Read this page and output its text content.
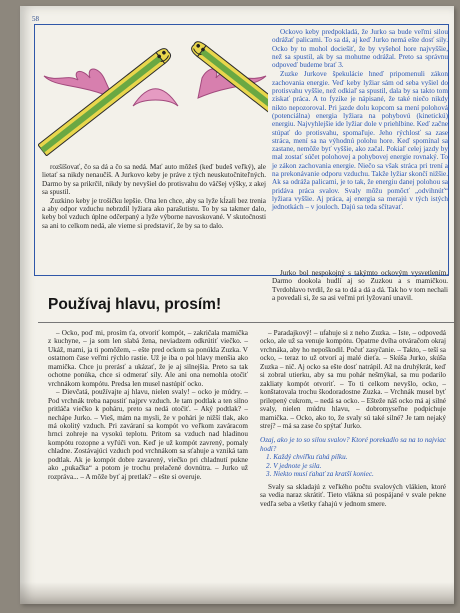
58

Ockovo keby predpokladá, že Jurko sa bude veľmi silou odrážať palicami. To sa dá, aj keď Jurko nemá ešte dosť sily. Ocko by to mohol dociešiť, že by vyšehol hore najvyššie, než sa spustil, ak by sa mohutne odrážal. Preto sa správnu odpoveď budeme brať 3.

Zuzke Jurkove špekulácie hneď pripomenuli zákon zachovania energie. Veď keby lyžiar sám od seba vyšiel do protisvahu vyššie, než odkiaľ sa spustil, dala by sa takto tom získať práca. A to fyzike je nápisané, že také niečo nikdy nikto nepozoroval. Pri jazde dolu kopcom sa mení polohová (potenciálna) energia lyžiara na pohybovú (kinetickú) energiu. Najvyhlejšie ide lyžiar dole v priehlbine. Keď začne stúpať do protisvahu, spomaľuje. Jeho rýchlosť sa zase stráca, mení sa na výhodnú polohu hore. Keď spomínal sa zastane, nemôže byť vyššie, ako začal. Pokiaľ celej jazdy by mal zostať súčet polohovej a pohybovej energie rovnaký. To je zákon zachovania energie. Niečo sa však stráca pri trení a na prekonávanie odporu vzduchu. Takže lyžiar skončí nižšie. Ak sa odráža palicami, je to tak, že energiu danej polohou sa pridáva práca svalov. Svaly môžu pomôcť „odvihnúť“ lyžiara vyššie. Aj práca, aj energia sa merajú v tých istých jednotkách – v jouloch. Dajú sa teda sčítavať.

rozšíšovať, čo sa dá a čo sa nedá. Mať auto môžeš (keď budeš veľký), ale lietať sa nikdy nenaučíš. A Jurkovo keby je práve z tých neuskutočniteľných. Darmo by sa prikrčil, nikdy by nevyšiel do protisvahu do väčšej výšky, z akej sa spustil.

Zuzkino keby je trošičku lepšie. Ona len chce, aby sa lyže kĺzali bez trenia a aby odpor vzduchu nebrzdil lyžiara ako parašutistu. To by sa takmer dalo, keby bol vzduch úplne odčerpaný a lyže výborne navoskované. V skutočnosti sa ani to celkom nedá, ale vieme si predstaviť, že by sa to dalo.

Jurko bol nespokojný s takýmto ockovým vysvetlením. Darmo dookola hudlí aj so Zuzkou a s mamičkou. Tvrdohlavo tvrdil, že sa to dá a dá a dá. Tak ho v tom nechali a povedali si, že sa asi veľmi pri lyžovaní unavil.

Používaj hlavu, prosím!

– Ocko, poď mi, prosím ťa, otvoriť kompót, – zakričala mamička z kuchyne, – ja som len slabá žena, neviadzem odkrútiť viečko. – Ukáž, mami, ja ti pomôžem, – ešte pred ockom sa ponúkla Zuzka. V ostatnom čase veľmi rýchlo rastie. Už je iba o pol hlavy menšia ako mamička. Chce ju prerásť a ukázať, že je aj silnejšia. Preto sa tak ochotne ponúka, chce si odmerať sily. Ale ani ona nemohla otočiť vrchnákom kompótu. Predsa len musel nastúpiť ocko.

– Dievčatá, používajte aj hlavu, nielen svaly! – ocko je múdry. – Pod vrchnák treba napustiť najprv vzduch. Je tam podtlak a ten silno pritláča viečko k poháru, preto sa nedá otočiť. – Aký podtlak? – nechápe Jurko. – Vieš, mám na mysli, že v pohári je nižší tlak, ako má okolitý vzduch. Pri zaváraní sa kompót vo veľkom zaváracom hrnci zohreje na vysokú teplotu. Pritom sa vzduch nad hladinou kompótu rozopne a vyľúči von. Keď je už kompót zavrený, pomaly chladne. Zostávajúci vzduch pod vrchnákom sa sťahuje a vzniká tam podtlak. Ak je kompót dobre zavarený, viečko pri chladnutí pukne ako „pukačka“ a potom je trochu prelačené dovnútra. – Jurko už rozpráva... – A môže byť aj pretlak? – ešte si overuje.

– Paradajkový! – ufahuje si z neho Zuzka. – Iste, – odpovedá ocko, ale už sa venuje kompótu. Opatrne dvíha otváračom okraj vrchnáka, aby ho nepoškodil. Počuť zasyčanie. – Takto, – teší sa ocko, – teraz to už otvorí aj malé dieťa. – Skúša Jurko, skúša Zuzka – nič. Aj ocko sa ešte dosť natrápil. Až na druhýkrát, keď si zobral utierku, aby sa mu pohár nešmýkal, sa mu podarilo zakliaty kompót otvoriť. – To ti celkom nevyšlo, ocko, – konštatovala trochu škodoradostne Zuzka. – Vrchnák musel byť prilepený cukrom, – nedá sa ocko. – Ešteže náš ocko má aj silné svaly, nielen múdru hlavu, – dobromyseľne podpichuje mamička. – Ocko, ako to, že svaly sú také silné? Je tam nejaký strej? – má sa zase čo spýtať Jurko.

Ozaj, ako je to so silou svalov? Ktoré porekadlo sa na to najviac hodí?

1. Každý chvíľku ťahá pílku.
2. V jednote je sila.
3. Niekto musí ťahať za kratší koniec.

Svaly sa skladajú z veľkého počtu svalových vlákien, ktoré sa vedia naraz skrátiť. Tieto vlákna sú pospájané v svale pekne vedľa seba a všetky ťahajú v jednom smere.
